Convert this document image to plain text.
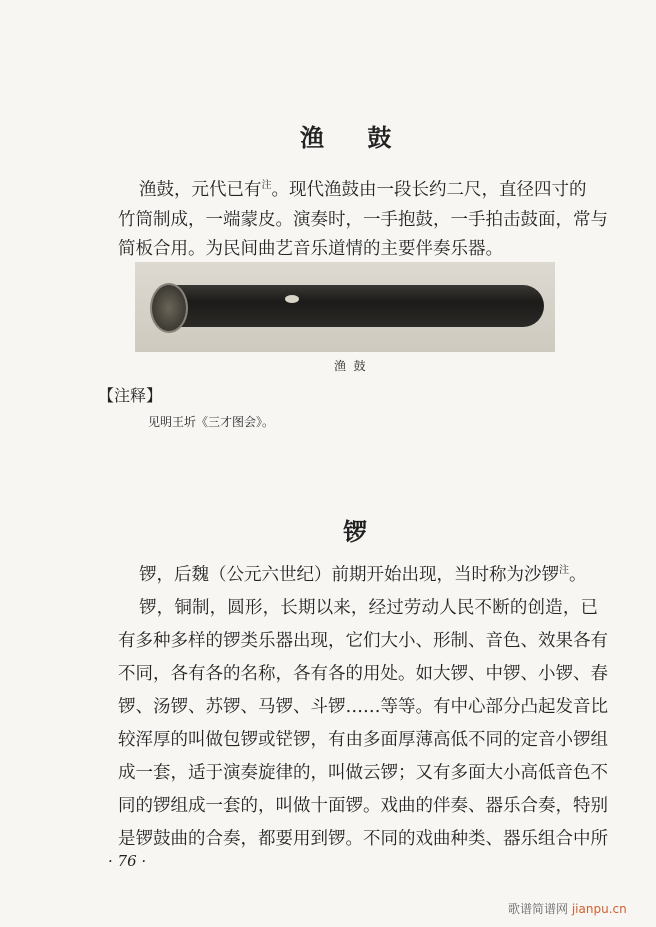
渔    鼓
渔鼓，元代已有$^注$。现代渔鼓由一段长约二尺，直径四寸的
竹筒制成，一端蒙皮。演奏时，一手抱鼓，一手拍击鼓面，常与
简板合用。为民间曲艺音乐道情的主要伴奏乐器。
渔  鼓
【注释】
见明王圻《三才图会》。
锣
锣，后魏（公元六世纪）前期开始出现，当时称为沙锣$^注$。
锣，铜制，圆形，长期以来，经过劳动人民不断的创造，已
有多种多样的锣类乐器出现，它们大小、形制、音色、效果各有
不同，各有各的名称，各有各的用处。如大锣、中锣、小锣、春
锣、汤锣、苏锣、马锣、斗锣……等等。有中心部分凸起发音比
较浑厚的叫做包锣或铓锣，有由多面厚薄高低不同的定音小锣组
成一套，适于演奏旋律的，叫做云锣；又有多面大小高低音色不
同的锣组成一套的，叫做十面锣。戏曲的伴奏、器乐合奏，特别
是锣鼓曲的合奏，都要用到锣。不同的戏曲种类、器乐组合中所
· 76 ·
歌谱简谱网 jianpu.cn
